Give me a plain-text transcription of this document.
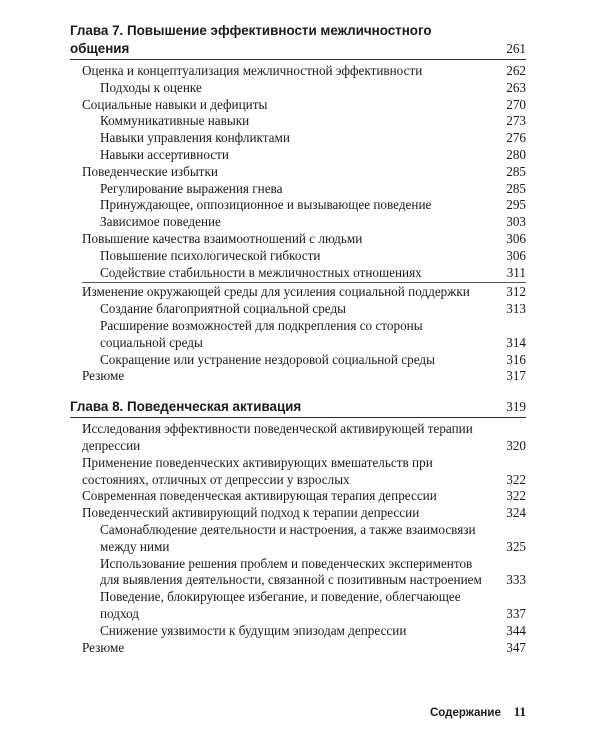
Глава 7. Повышение эффективности межличностного общения	261
Оценка и концептуализация межличностной эффективности	262
Подходы к оценке	263
Социальные навыки и дефициты	270
Коммуникативные навыки	273
Навыки управления конфликтами	276
Навыки ассертивности	280
Поведенческие избытки	285
Регулирование выражения гнева	285
Принуждающее, оппозиционное и вызывающее поведение	295
Зависимое поведение	303
Повышение качества взаимоотношений с людьми	306
Повышение психологической гибкости	306
Содействие стабильности в межличностных отношениях	311
Изменение окружающей среды для усиления социальной поддержки	312
Создание благоприятной социальной среды	313
Расширение возможностей для подкрепления со стороны социальной среды	314
Сокращение или устранение нездоровой социальной среды	316
Резюме	317
Глава 8. Поведенческая активация	319
Исследования эффективности поведенческой активирующей терапии депрессии	320
Применение поведенческих активирующих вмешательств при состояниях, отличных от депрессии у взрослых	322
Современная поведенческая активирующая терапия депрессии	322
Поведенческий активирующий подход к терапии депрессии	324
Самонаблюдение деятельности и настроения, а также взаимосвязи между ними	325
Использование решения проблем и поведенческих экспериментов для выявления деятельности, связанной с позитивным настроением	333
Поведение, блокирующее избегание, и поведение, облегчающее подход	337
Снижение уязвимости к будущим эпизодам депрессии	344
Резюме	347
Содержание 11
